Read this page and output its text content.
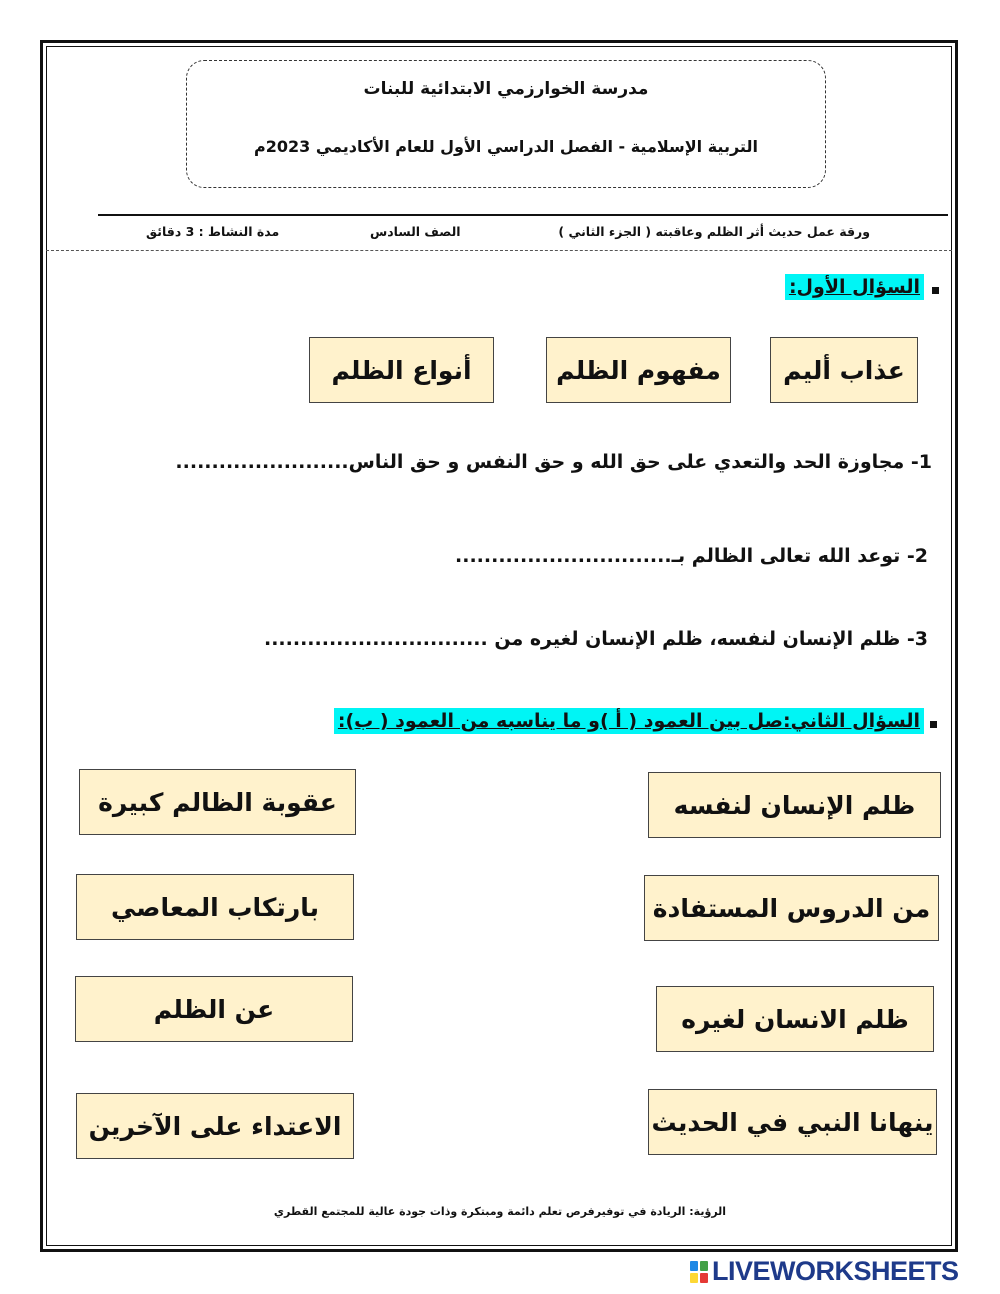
مدرسة الخوارزمي الابتدائية للبنات
التربية الإسلامية - الفصل الدراسي الأول للعام الأكاديمي 2023م
ورقة عمل حديث أثر الظلم وعاقبته ( الجزء الثاني )
الصف السادس
مدة النشاط : 3 دقائق
السؤال الأول:
عذاب أليم
مفهوم الظلم
أنواع الظلم
1- مجاوزة الحد والتعدي على حق الله و حق النفس و حق الناس........................
2- توعد الله تعالى الظالم بـ..............................
3- ظلم الإنسان لنفسه، ظلم الإنسان لغيره من ...............................
السؤال الثاني:صل بين العمود ( أ )و ما يناسبه من العمود ( ب):
ظلم الإنسان لنفسه
من الدروس المستفادة
ظلم الانسان لغيره
ينهانا النبي في الحديث
عقوبة الظالم كبيرة
بارتكاب المعاصي
عن الظلم
الاعتداء على الآخرين
الرؤية: الريادة في توفيرفرص تعلم دائمة ومبتكرة وذات جودة عالية للمجتمع القطري
LIVEWORKSHEETS
